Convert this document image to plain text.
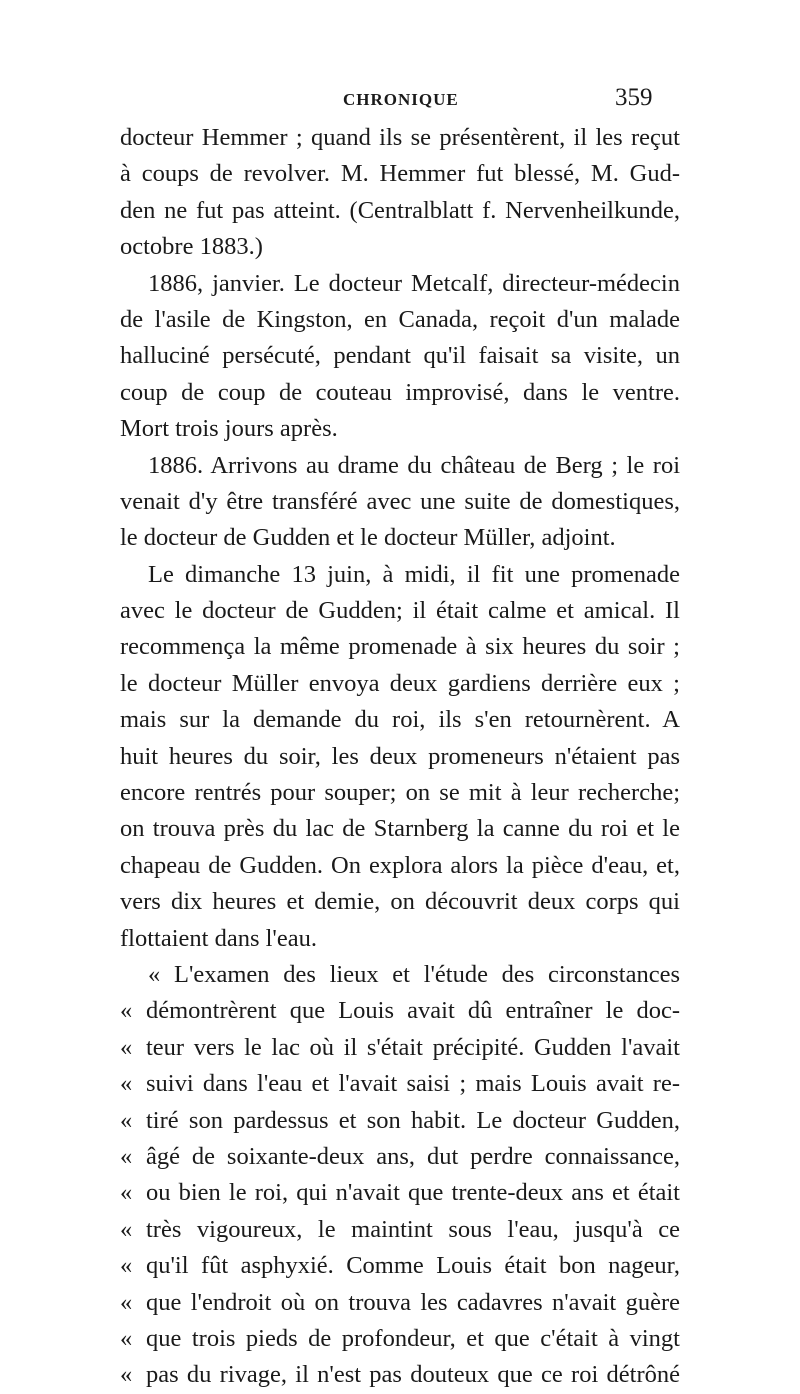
CHRONIQUE	359
docteur Hemmer ; quand ils se présentèrent, il les reçut
à coups de revolver. M. Hemmer fut blessé, M. Gud-
den ne fut pas atteint. (Centralblatt f. Nervenheilkunde,
octobre 1883.)
1886, janvier. Le docteur Metcalf, directeur-médecin
de l'asile de Kingston, en Canada, reçoit d'un malade
halluciné persécuté, pendant qu'il faisait sa visite, un
coup de coup de couteau improvisé, dans le ventre.
Mort trois jours après.
1886. Arrivons au drame du château de Berg ; le roi
venait d'y être transféré avec une suite de domestiques,
le docteur de Gudden et le docteur Müller, adjoint.
Le dimanche 13 juin, à midi, il fit une promenade
avec le docteur de Gudden; il était calme et amical. Il
recommença la même promenade à six heures du soir ;
le docteur Müller envoya deux gardiens derrière eux ;
mais sur la demande du roi, ils s'en retournèrent. A
huit heures du soir, les deux promeneurs n'étaient pas
encore rentrés pour souper; on se mit à leur recherche;
on trouva près du lac de Starnberg la canne du roi et le
chapeau de Gudden. On explora alors la pièce d'eau, et,
vers dix heures et demie, on découvrit deux corps qui
flottaient dans l'eau.
« L'examen des lieux et l'étude des circonstances
« démontrèrent que Louis avait dû entraîner le doc-
« teur vers le lac où il s'était précipité. Gudden l'avait
« suivi dans l'eau et l'avait saisi ; mais Louis avait re-
« tiré son pardessus et son habit. Le docteur Gudden,
« âgé de soixante-deux ans, dut perdre connaissance,
« ou bien le roi, qui n'avait que trente-deux ans et était
« très vigoureux, le maintint sous l'eau, jusqu'à ce
« qu'il fût asphyxié. Comme Louis était bon nageur,
« que l'endroit où on trouva les cadavres n'avait guère
« que trois pieds de profondeur, et que c'était à vingt
« pas du rivage, il n'est pas douteux que ce roi détrôné
